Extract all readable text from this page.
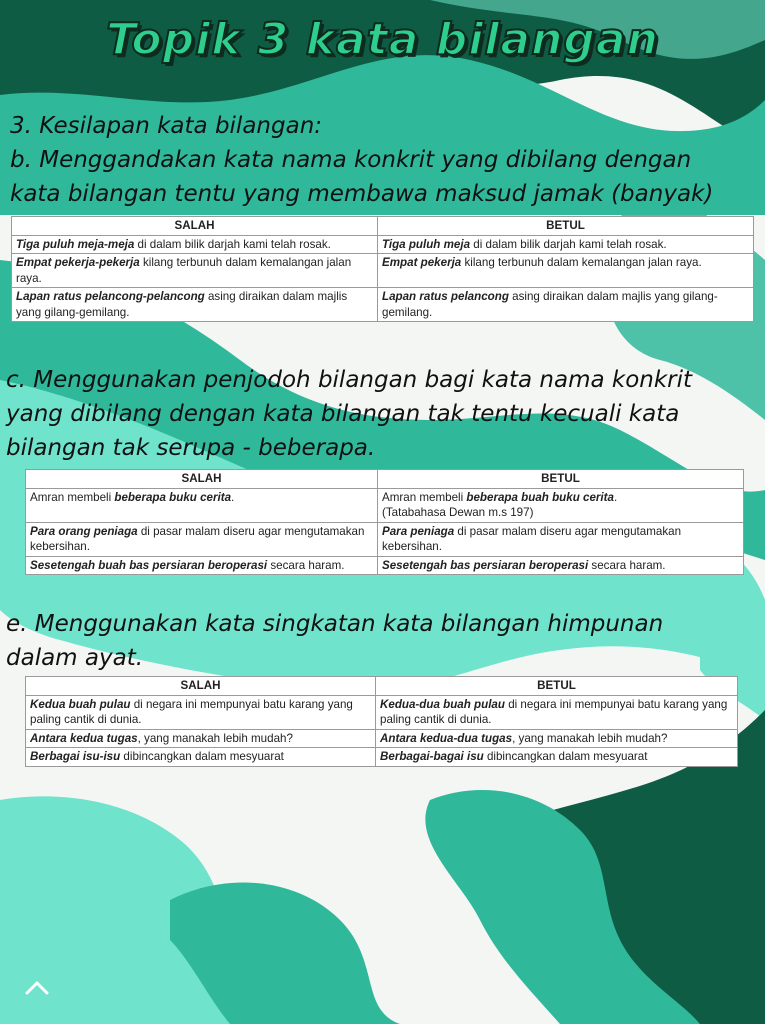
Topik 3 kata bilangan

3. Kesilapan kata bilangan:

b. Menggandakan kata nama konkrit yang dibilang dengan

kata bilangan tentu yang membawa maksud jamak (banyak)

SALAH	BETUL
Tiga puluh meja-meja di dalam bilik darjah kami telah rosak.	Tiga puluh meja di dalam bilik darjah kami telah rosak.
Empat pekerja-pekerja kilang terbunuh dalam kemalangan jalan raya.	Empat pekerja kilang terbunuh dalam kemalangan jalan raya.
Lapan ratus pelancong-pelancong asing diraikan dalam majlis yang gilang-gemilang.	Lapan ratus pelancong asing diraikan dalam majlis yang gilang-gemilang.

c. Menggunakan penjodoh bilangan bagi kata nama konkrit

yang dibilang dengan kata bilangan tak tentu kecuali kata

bilangan tak serupa - beberapa.

SALAH	BETUL
Amran membeli beberapa buku cerita.	Amran membeli beberapa buah buku cerita.
(Tatabahasa Dewan m.s 197)
Para orang peniaga di pasar malam diseru agar mengutamakan kebersihan.	Para peniaga di pasar malam diseru agar mengutamakan kebersihan.
Sesetengah buah bas persiaran beroperasi secara haram.	Sesetengah bas persiaran beroperasi secara haram.

e. Menggunakan kata singkatan kata bilangan himpunan

dalam ayat.

SALAH	BETUL
Kedua buah pulau di negara ini mempunyai batu karang yang paling cantik di dunia.	Kedua-dua buah pulau di negara ini mempunyai batu karang yang paling cantik di dunia.
Antara kedua tugas, yang manakah lebih mudah?	Antara kedua-dua tugas, yang manakah lebih mudah?
Berbagai isu-isu dibincangkan dalam mesyuarat	Berbagai-bagai isu dibincangkan dalam mesyuarat
